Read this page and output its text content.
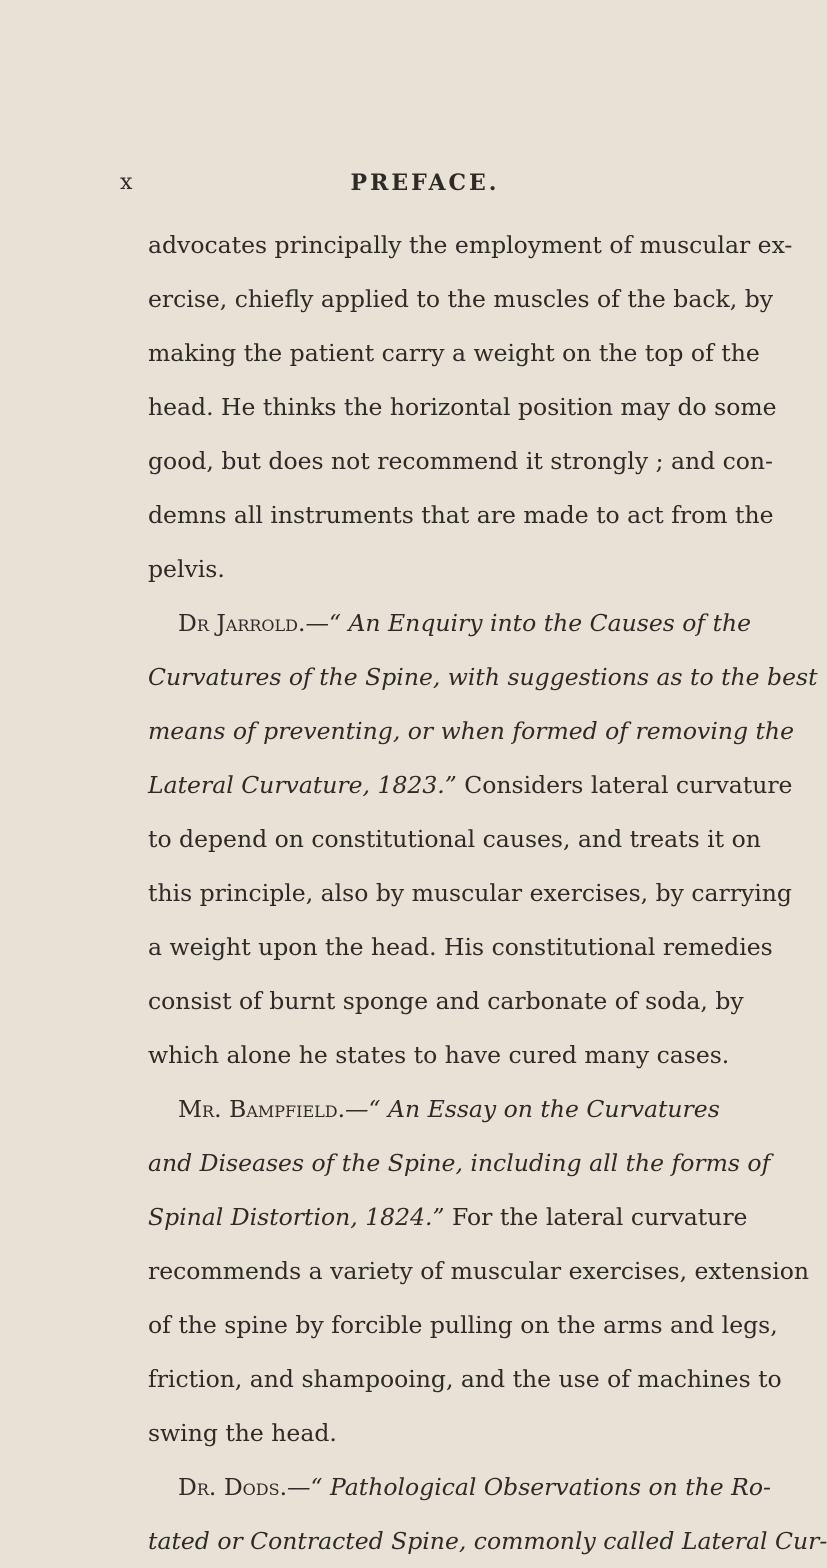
x	PREFACE.
advocates principally the employment of muscular ex-
ercise, chiefly applied to the muscles of the back, by
making the patient carry a weight on the top of the
head. He thinks the horizontal position may do some
good, but does not recommend it strongly ; and con-
demns all instruments that are made to act from the
pelvis.
Dr Jarrold.—“ An Enquiry into the Causes of the
Curvatures of the Spine, with suggestions as to the best
means of preventing, or when formed of removing the
Lateral Curvature, 1823.” Considers lateral curvature
to depend on constitutional causes, and treats it on
this principle, also by muscular exercises, by carrying
a weight upon the head. His constitutional remedies
consist of burnt sponge and carbonate of soda, by
which alone he states to have cured many cases.
Mr. Bampfield.—“ An Essay on the Curvatures
and Diseases of the Spine, including all the forms of
Spinal Distortion, 1824.” For the lateral curvature
recommends a variety of muscular exercises, extension
of the spine by forcible pulling on the arms and legs,
friction, and shampooing, and the use of machines to
swing the head.
Dr. Dods.—“ Pathological Observations on the Ro-
tated or Contracted Spine, commonly called Lateral Cur-
